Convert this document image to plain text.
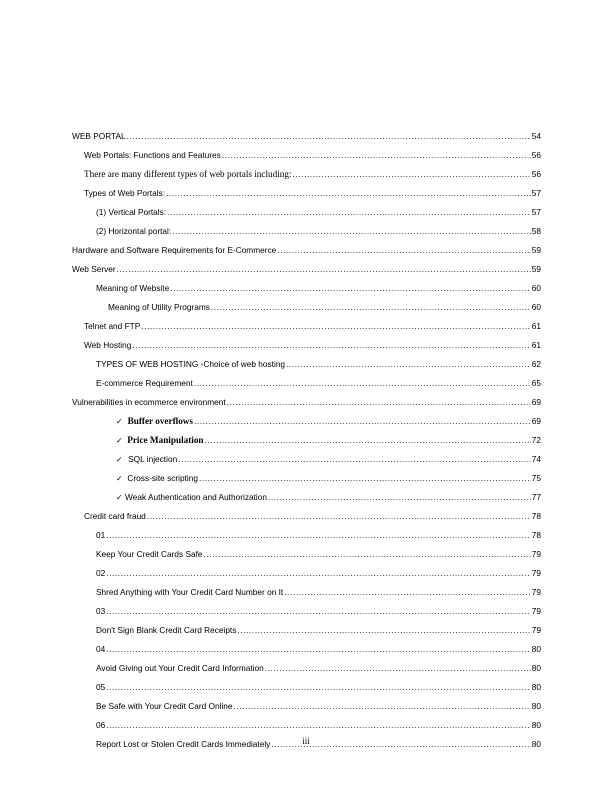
WEB PORTAL .....	54
Web Portals: Functions and Features .....	56
There are many different types of web portals including: .....	56
Types of Web Portals: .....	57
(1) Vertical Portals: .....	57
(2) Horizontal portal: .....	58
Hardware and Software Requirements for E-Commerce .....	59
Web Server .....	59
Meaning of Website .....	60
Meaning of Utility Programs .....	60
Telnet and FTP .....	61
Web Hosting .....	61
TYPES OF WEB HOSTING -Choice of web hosting .....	62
E-commerce Requirement .....	65
Vulnerabilities in ecommerce environment .....	69
✓ Buffer overflows .....	69
✓ Price Manipulation .....	72
✓ SQL injection .....	74
✓ Cross-site scripting .....	75
✓ Weak Authentication and Authorization .....	77
Credit card fraud .....	78
01 .....	78
Keep Your Credit Cards Safe .....	79
02 .....	79
Shred Anything with Your Credit Card Number on It .....	79
03 .....	79
Don't Sign Blank Credit Card Receipts .....	79
04 .....	80
Avoid Giving out Your Credit Card Information .....	80
05 .....	80
Be Safe with Your Credit Card Online .....	80
06 .....	80
Report Lost or Stolen Credit Cards Immediately .....	80
iii
